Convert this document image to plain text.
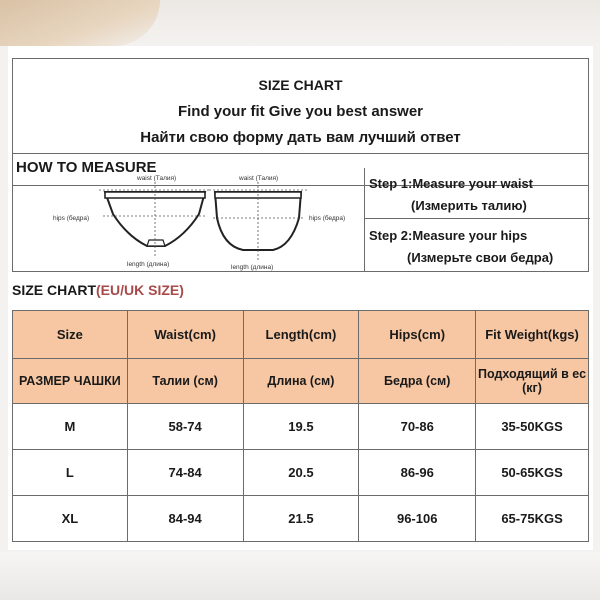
SIZE CHART
Find your fit Give you best answer
Найти свою форму дать вам лучший ответ
HOW TO MEASURE
waist (Талия)
hips (бедра)
length (длина)
waist (Талия)
hips (бедра)
length (длина)
Step 1:Measure your waist
(Измерить талию)
Step 2:Measure your hips
(Измерьте свои бедра)
SIZE CHART(EU/UK SIZE)
Size	Waist(cm)	Length(cm)	Hips(cm)	Fit Weight(kgs)
РАЗМЕР ЧАШКИ	Талии (см)	Длина (см)	Бедра (см)	Подходящий в ес (кг)
M	58-74	19.5	70-86	35-50KGS
L	74-84	20.5	86-96	50-65KGS
XL	84-94	21.5	96-106	65-75KGS
